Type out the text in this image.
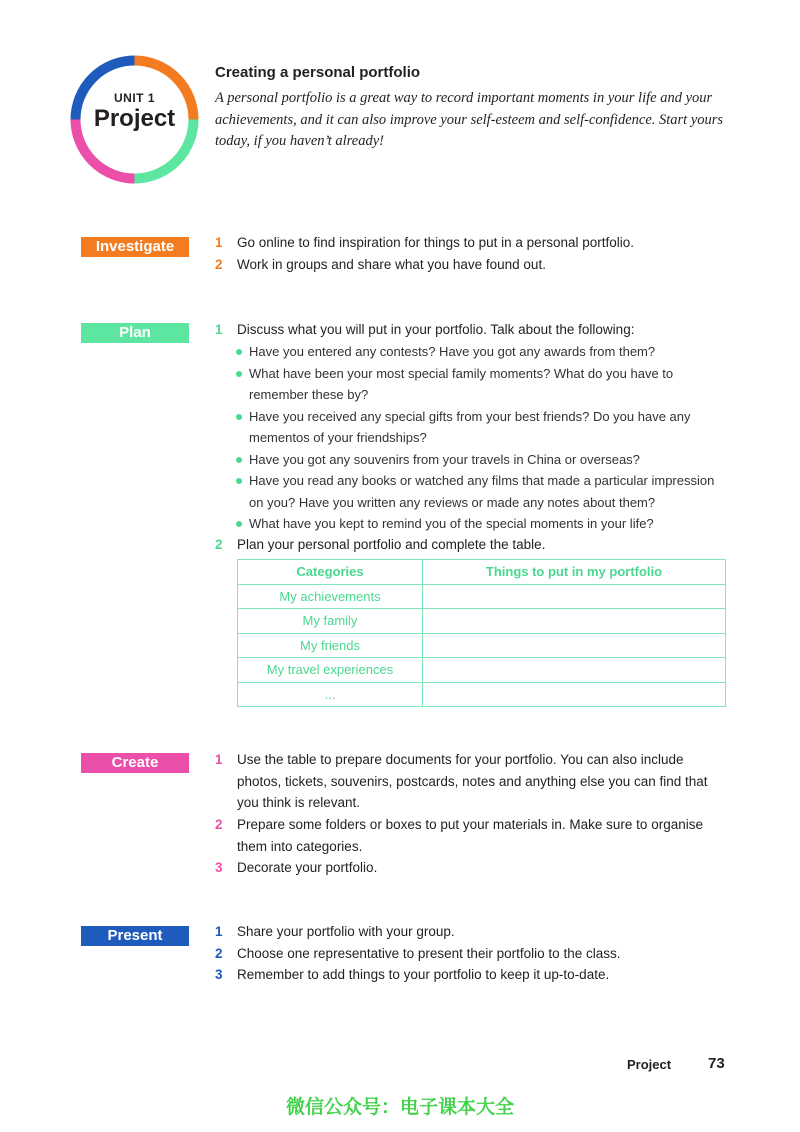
UNIT 1
Project
Creating a personal portfolio
A personal portfolio is a great way to record important moments in your life and your achievements, and it can also improve your self-esteem and self-confidence. Start yours today, if you haven’t already!
Investigate	1	Go online to find inspiration for things to put in a personal portfolio.
2	Work in groups and share what you have found out.
Plan	1	Discuss what you will put in your portfolio. Talk about the following:
Have you entered any contests? Have you got any awards from them?
What have been your most special family moments? What do you have to remember these by?
Have you received any special gifts from your best friends? Do you have any mementos of your friendships?
Have you got any souvenirs from your travels in China or overseas?
Have you read any books or watched any films that made a particular impression on you? Have you written any reviews or made any notes about them?
What have you kept to remind you of the special moments in your life?
2	Plan your personal portfolio and complete the table.
Categories	Things to put in my portfolio
My achievements	
My family	
My friends	
My travel experiences	
...	
Create	1	Use the table to prepare documents for your portfolio. You can also include photos, tickets, souvenirs, postcards, notes and anything else you can find that you think is relevant.
2	Prepare some folders or boxes to put your materials in. Make sure to organise them into categories.
3	Decorate your portfolio.
Present	1	Share your portfolio with your group.
2	Choose one representative to present their portfolio to the class.
3	Remember to add things to your portfolio to keep it up-to-date.
Project 73
微信公众号：电子课本大全
